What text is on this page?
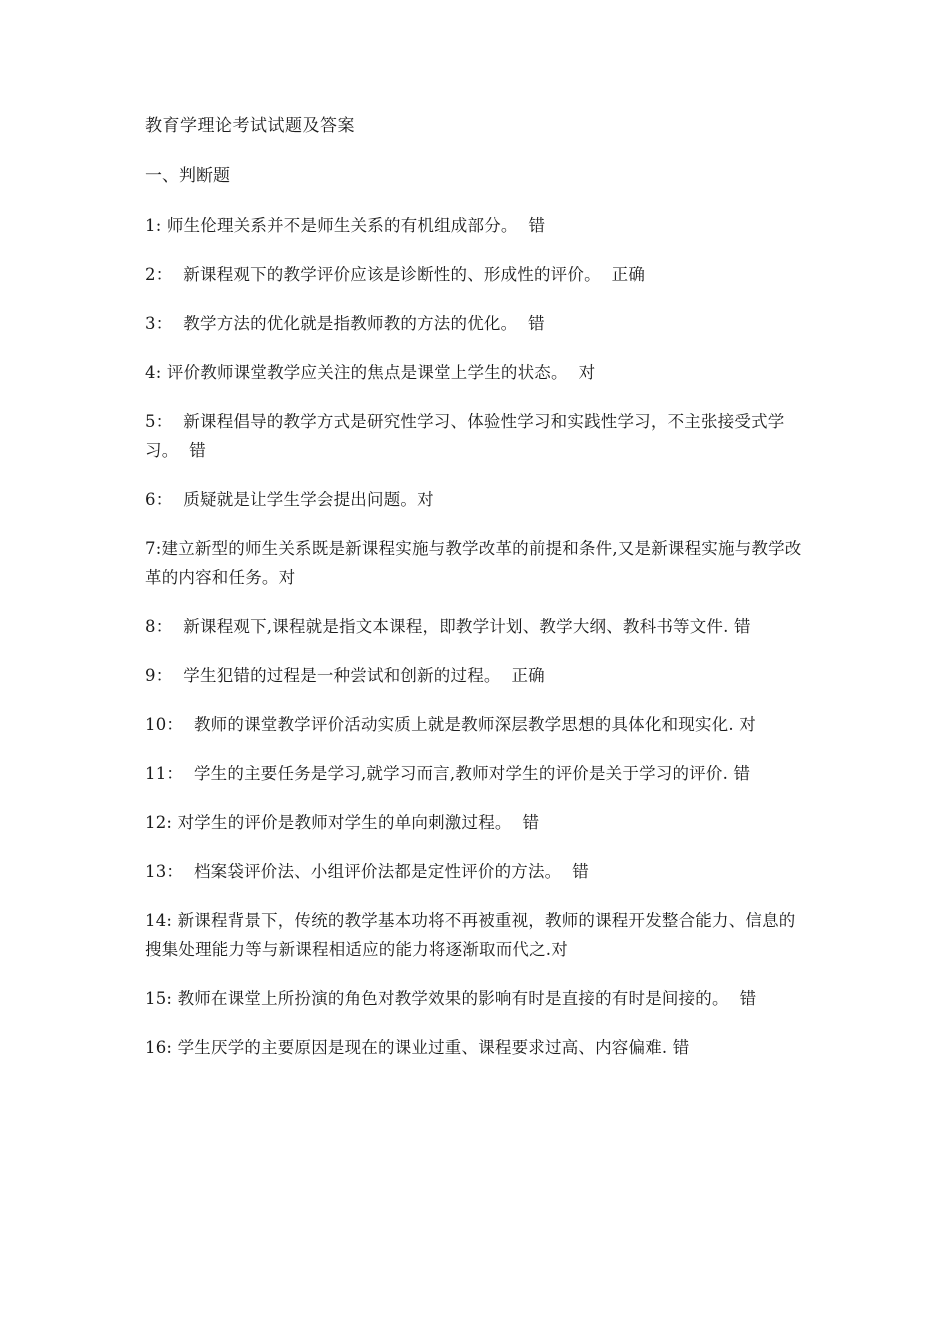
教育学理论考试试题及答案
一、判断题

1: 师生伦理关系并不是师生关系的有机组成部分。  错

2：  新课程观下的教学评价应该是诊断性的、形成性的评价。  正确

3：  教学方法的优化就是指教师教的方法的优化。  错

4: 评价教师课堂教学应关注的焦点是课堂上学生的状态。  对

5：  新课程倡导的教学方式是研究性学习、体验性学习和实践性学习，不主张接受式学习。  错

6：  质疑就是让学生学会提出问题。对

7:建立新型的师生关系既是新课程实施与教学改革的前提和条件,又是新课程实施与教学改革的内容和任务。对

8：  新课程观下,课程就是指文本课程，即教学计划、教学大纲、教科书等文件. 错

9：  学生犯错的过程是一种尝试和创新的过程。  正确

10：  教师的课堂教学评价活动实质上就是教师深层教学思想的具体化和现实化. 对

11：  学生的主要任务是学习,就学习而言,教师对学生的评价是关于学习的评价. 错

12: 对学生的评价是教师对学生的单向刺激过程。  错

13：  档案袋评价法、小组评价法都是定性评价的方法。  错

14: 新课程背景下，传统的教学基本功将不再被重视，教师的课程开发整合能力、信息的搜集处理能力等与新课程相适应的能力将逐渐取而代之.对

15: 教师在课堂上所扮演的角色对教学效果的影响有时是直接的有时是间接的。  错

16: 学生厌学的主要原因是现在的课业过重、课程要求过高、内容偏难. 错
